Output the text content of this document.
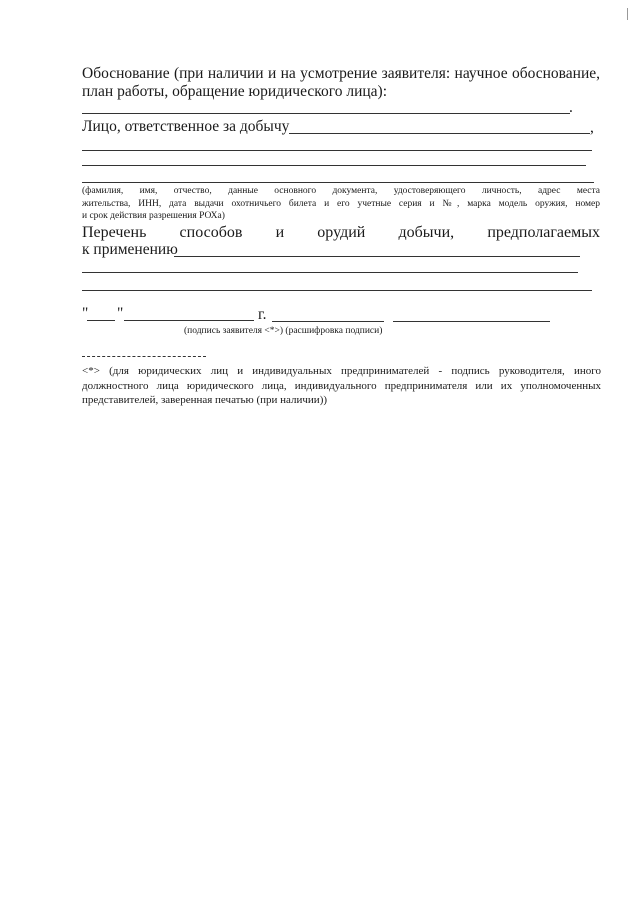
Обоснование (при наличии и на усмотрение заявителя: научное обоснование,
план работы, обращение юридического лица):
.
Лицо, ответственное за добычу	,
(фамилия, имя, отчество, данные основного документа, удостоверяющего личность, адрес места
жительства, ИНН, дата выдачи охотничьего билета и его учетные серия и №, марка модель оружия, номер
и срок действия разрешения РОХа)
Перечень способов и орудий добычи, предполагаемых
к применению
" "	г.
(подпись заявителя <*>) (расшифровка подписи)
<*> (для юридических лиц и индивидуальных предпринимателей - подпись руководителя, иного должностного лица юридического лица, индивидуального предпринимателя или их уполномоченных представителей, заверенная печатью (при наличии))
